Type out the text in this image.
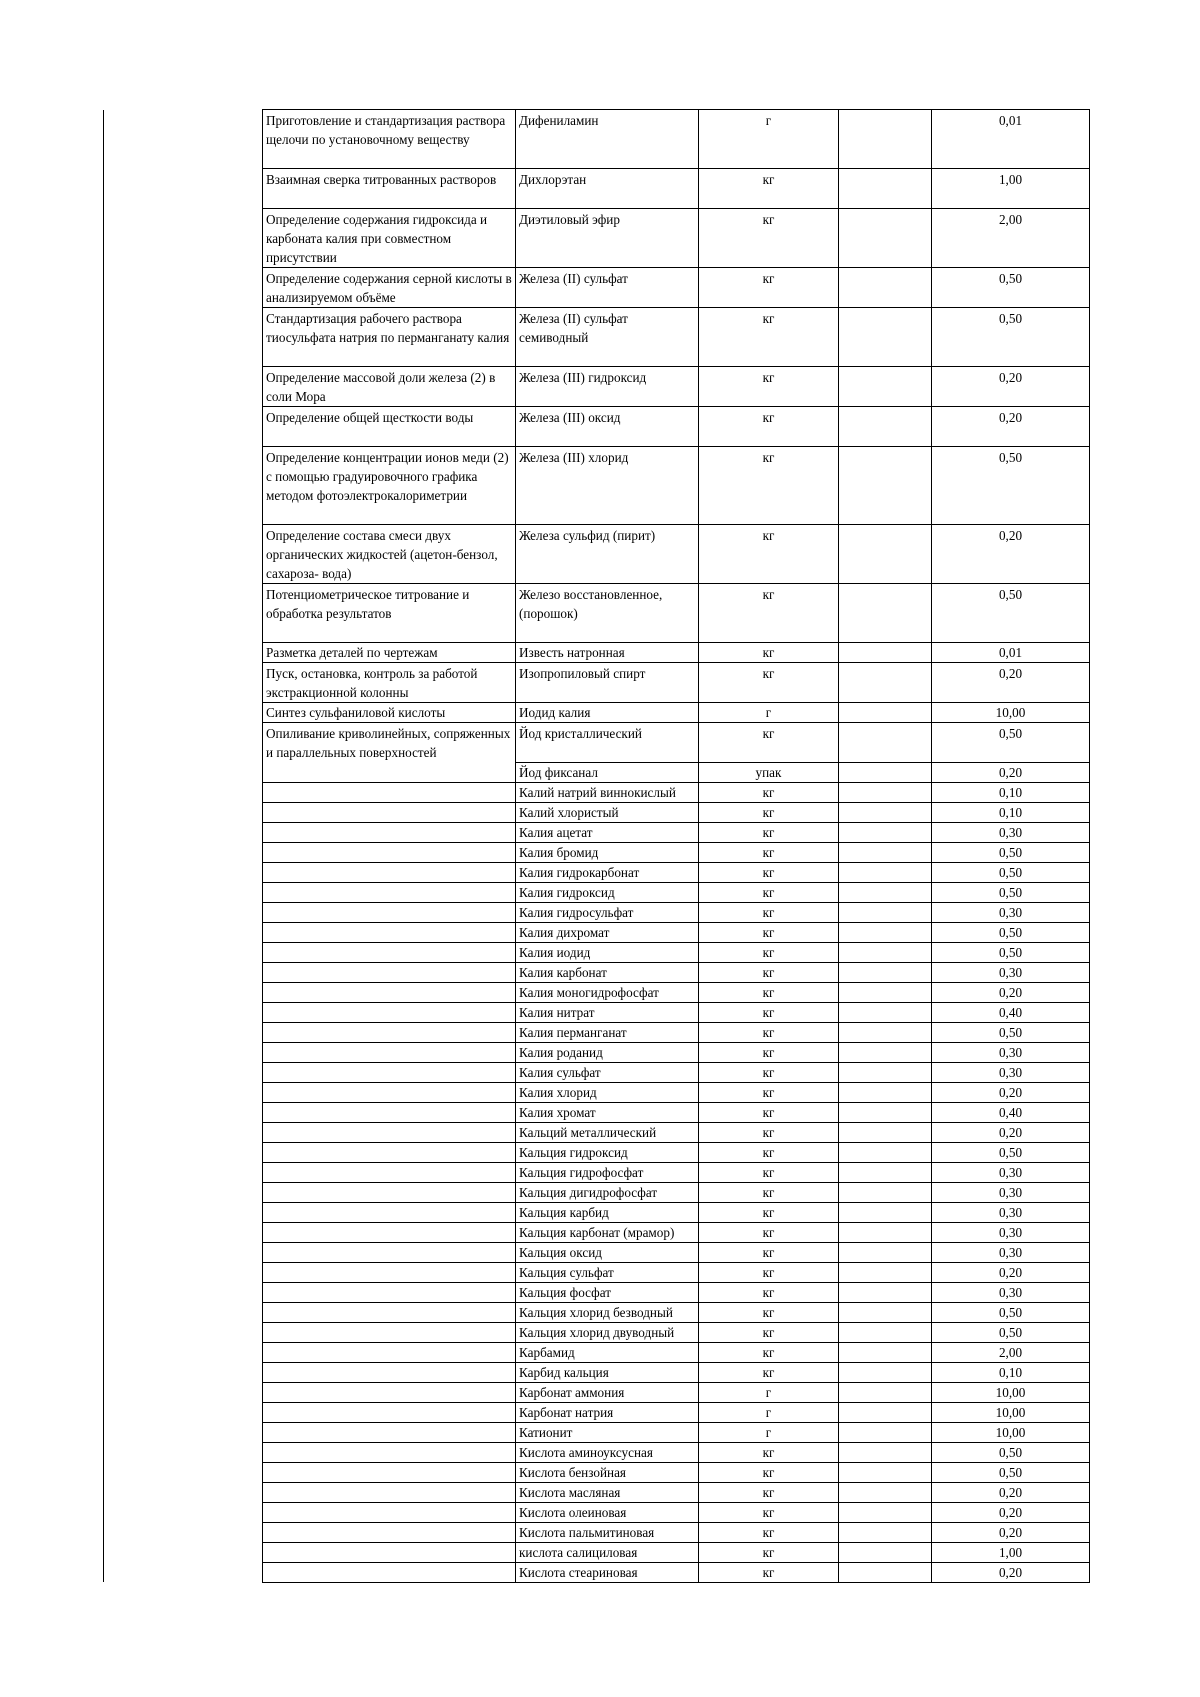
Приготовление и стандартизация раствора щелочи по установочному веществу	Дифениламин	г		0,01
Взаимная сверка титрованных растворов	Дихлорэтан	кг		1,00
Определение содержания гидроксида и карбоната калия при совместном присутствии	Диэтиловый эфир	кг		2,00
Определение содержания серной кислоты в анализируемом объёме	Железа (II) сульфат	кг		0,50
Стандартизация рабочего раствора тиосульфата натрия по перманганату калия	Железа (II) сульфат семиводный	кг		0,50
Определение массовой доли железа (2) в соли Мора	Железа (III) гидроксид	кг		0,20
Определение общей щесткости воды	Железа (III) оксид	кг		0,20
Определение концентрации ионов меди (2) с помощью градуировочного графика методом фотоэлектрокалориметрии	Железа (III) хлорид	кг		0,50
Определение состава смеси двух органических жидкостей (ацетон-бензол, сахароза- вода)	Железа сульфид (пирит)	кг		0,20
Потенциометрическое титрование и обработка результатов	Железо восстановленное, (порошок)	кг		0,50
Разметка деталей по чертежам	Известь натронная	кг		0,01
Пуск, остановка, контроль за работой экстракционной колонны	Изопропиловый спирт	кг		0,20
Синтез сульфаниловой кислоты	Иодид калия	г		10,00
Опиливание криволинейных, сопряженных и параллельных поверхностей	Йод кристаллический	кг		0,50
	Йод фиксанал	упак		0,20
	Калий натрий виннокислый	кг		0,10
	Калий хлористый	кг		0,10
	Калия ацетат	кг		0,30
	Калия бромид	кг		0,50
	Калия гидрокарбонат	кг		0,50
	Калия гидроксид	кг		0,50
	Калия гидросульфат	кг		0,30
	Калия дихромат	кг		0,50
	Калия иодид	кг		0,50
	Калия карбонат	кг		0,30
	Калия моногидрофосфат	кг		0,20
	Калия нитрат	кг		0,40
	Калия перманганат	кг		0,50
	Калия роданид	кг		0,30
	Калия сульфат	кг		0,30
	Калия хлорид	кг		0,20
	Калия хромат	кг		0,40
	Кальций металлический	кг		0,20
	Кальция гидроксид	кг		0,50
	Кальция гидрофосфат	кг		0,30
	Кальция дигидрофосфат	кг		0,30
	Кальция карбид	кг		0,30
	Кальция карбонат (мрамор)	кг		0,30
	Кальция оксид	кг		0,30
	Кальция сульфат	кг		0,20
	Кальция фосфат	кг		0,30
	Кальция хлорид безводный	кг		0,50
	Кальция хлорид двуводный	кг		0,50
	Карбамид	кг		2,00
	Карбид кальция	кг		0,10
	Карбонат аммония	г		10,00
	Карбонат натрия	г		10,00
	Катионит	г		10,00
	Кислота аминоуксусная	кг		0,50
	Кислота бензойная	кг		0,50
	Кислота масляная	кг		0,20
	Кислота олеиновая	кг		0,20
	Кислота пальмитиновая	кг		0,20
	кислота салициловая	кг		1,00
	Кислота стеариновая	кг		0,20
